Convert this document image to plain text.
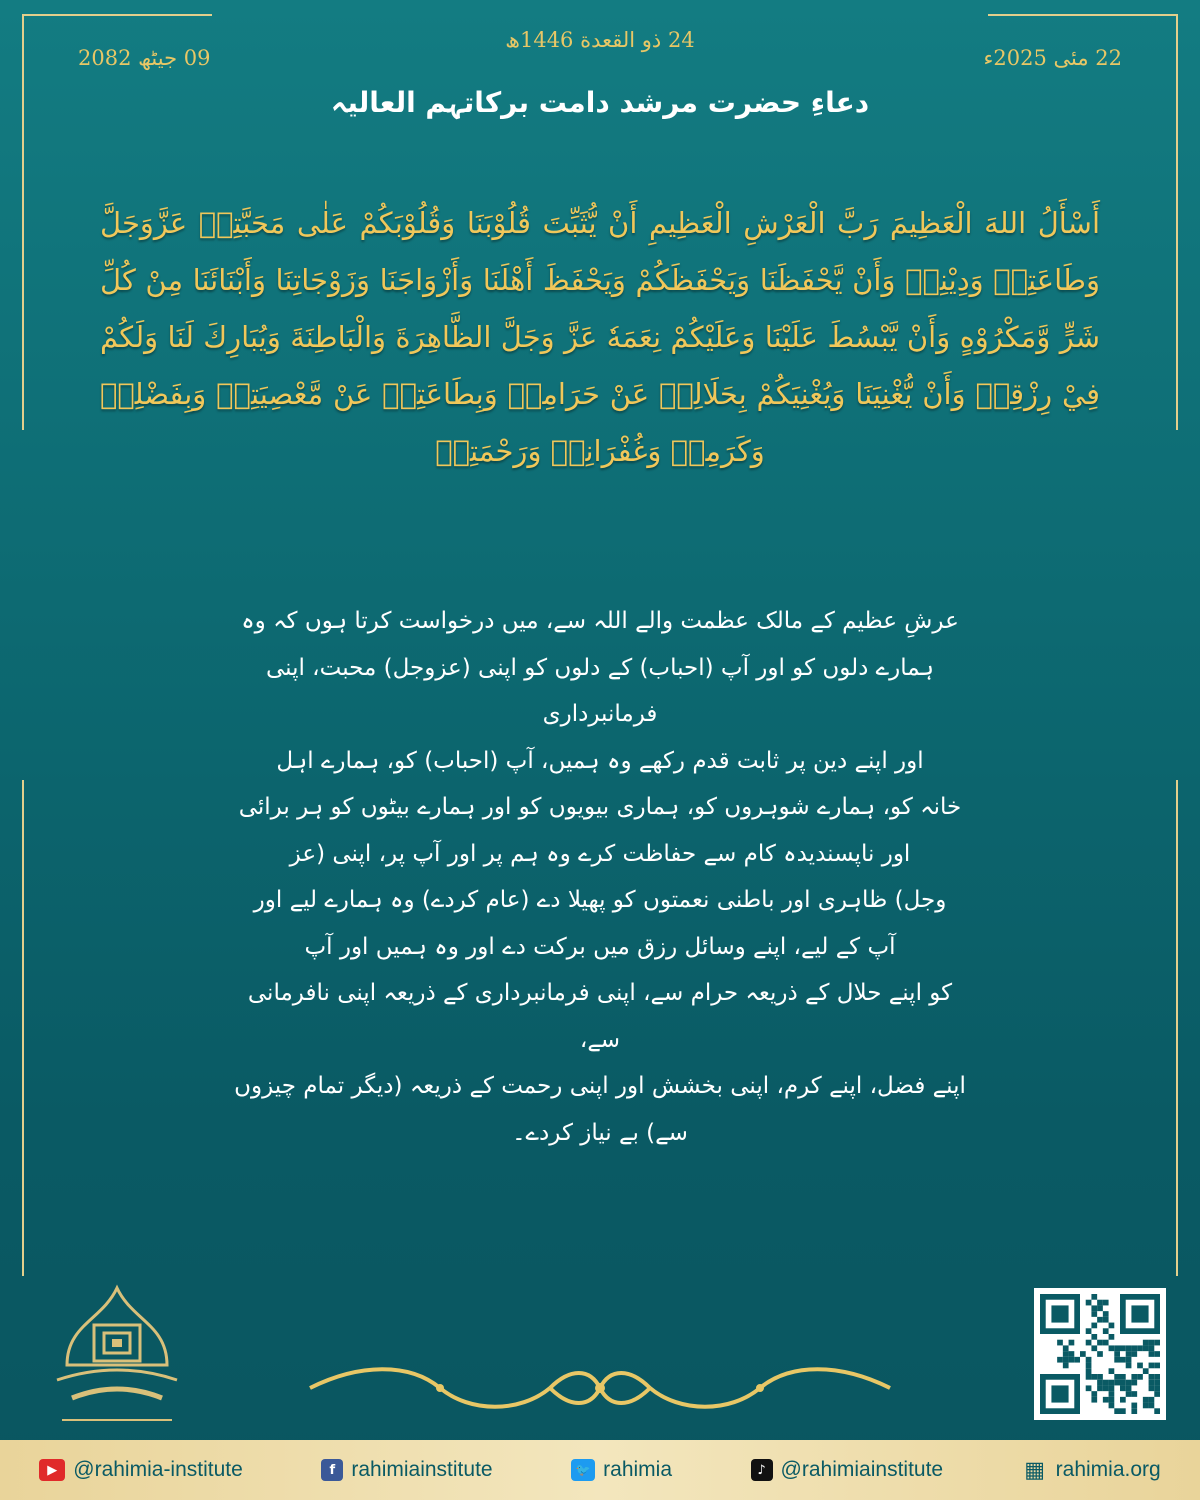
09 جیٹھ 2082
24 ذو القعدة 1446ھ
22 مئی 2025ء
دعاءِ حضرت مرشد دامت برکاتہم العالیہ
أَسْأَلُ اللهَ الْعَظِيمَ رَبَّ الْعَرْشِ الْعَظِيمِ أَنْ يُّثَبِّتَ قُلُوْبَنَا وَقُلُوْبَكُمْ عَلٰى مَحَبَّتِهٖ عَزَّوَجَلَّ وَطَاعَتِهٖ وَدِيْنِهٖ وَأَنْ يَّحْفَظَنَا وَيَحْفَظَكُمْ وَيَحْفَظَ أَهْلَنَا وَأَزْوَاجَنَا وَزَوْجَاتِنَا وَأَبْنَائَنَا مِنْ كُلِّ شَرٍّ وَّمَكْرُوْهٍ وَأَنْ يَّبْسُطَ عَلَيْنَا وَعَلَيْكُمْ نِعَمَهٗ عَزَّ وَجَلَّ الظَّاهِرَةَ وَالْبَاطِنَةَ وَيُبَارِكَ لَنَا وَلَكُمْ فِيْ رِزْقِهٖ وَأَنْ يُّغْنِيَنَا وَيُغْنِيَكُمْ بِحَلَالِهٖ عَنْ حَرَامِهٖ وَبِطَاعَتِهٖ عَنْ مَّعْصِيَتِهٖ وَبِفَضْلِهٖ وَكَرَمِهٖ وَغُفْرَانِهٖ وَرَحْمَتِهٖ
عرشِ عظیم کے مالک عظمت والے اللہ سے، میں درخواست کرتا ہوں کہ وہ
ہمارے دلوں کو اور آپ (احباب) کے دلوں کو اپنی (عزوجل) محبت، اپنی فرمانبرداری
اور اپنے دین پر ثابت قدم رکھے وہ ہمیں، آپ (احباب) کو، ہمارے اہل
خانہ کو، ہمارے شوہروں کو، ہماری بیویوں کو اور ہمارے بیٹوں کو ہر برائی
اور ناپسندیدہ کام سے حفاظت کرے وہ ہم پر اور آپ پر، اپنی (عز
وجل) ظاہری اور باطنی نعمتوں کو پھیلا دے (عام کردے) وہ ہمارے لیے اور
آپ کے لیے، اپنے وسائل رزق میں برکت دے اور وہ ہمیں اور آپ
کو اپنے حلال کے ذریعہ حرام سے، اپنی فرمانبرداری کے ذریعہ اپنی نافرمانی سے،
اپنے فضل، اپنے کرم، اپنی بخشش اور اپنی رحمت کے ذریعہ (دیگر تمام چیزوں
سے) بے نیاز کردے۔
▶ @rahimia-institute	f rahimiainstitute	🐦 rahimia	♪ @rahimiainstitute	▦ rahimia.org
